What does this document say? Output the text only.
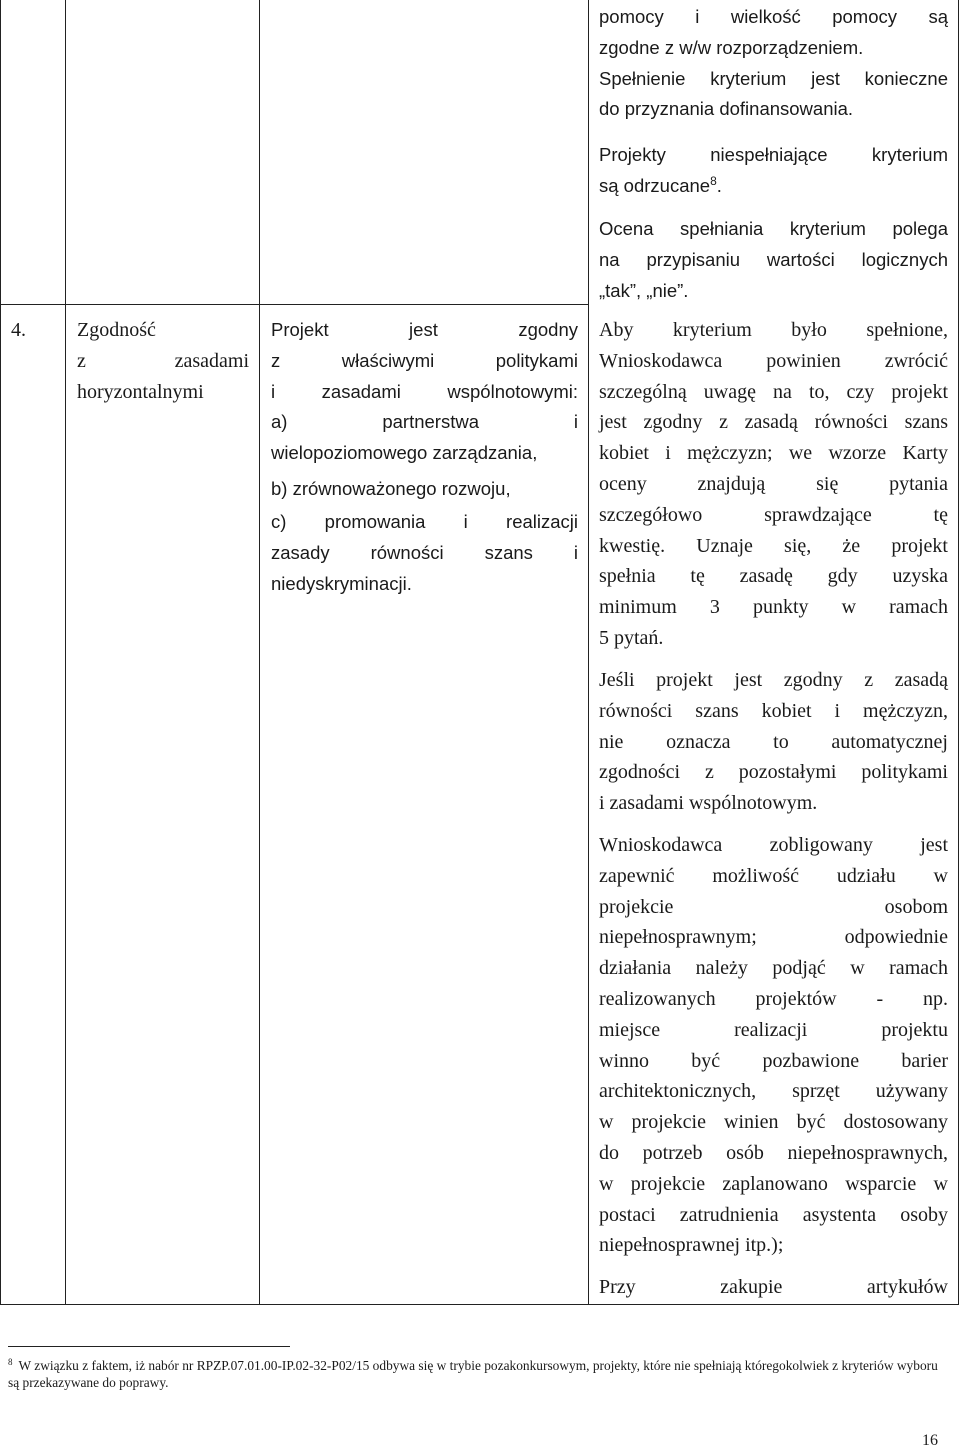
4.	Zgodność

z zasadami

horyzontalnymi

Projekt jest zgodny

z właściwymi politykami

i zasadami wspólnotowymi:

a) partnerstwa i

wielopoziomowego zarządzania,

b) zrównoważonego rozwoju,

c) promowania i realizacji

zasady równości szans i

niedyskryminacji.

pomocy i wielkość pomocy są

zgodne z w/w rozporządzeniem.

Spełnienie kryterium jest konieczne

do przyznania dofinansowania.

Projekty niespełniające kryterium

są odrzucane$^8$.

Ocena spełniania kryterium polega

na przypisaniu wartości logicznych

„tak”, „nie”.

Aby kryterium było spełnione,

Wnioskodawca powinien zwrócić

szczególną uwagę na to, czy projekt

jest zgodny z zasadą równości szans

kobiet i mężczyzn; we wzorze Karty

oceny znajdują się pytania

szczegółowo sprawdzające tę

kwestię. Uznaje się, że projekt

spełnia tę zasadę gdy uzyska

minimum 3 punkty w ramach

5 pytań.

Jeśli projekt jest zgodny z zasadą

równości szans kobiet i mężczyzn,

nie oznacza to automatycznej

zgodności z pozostałymi politykami

i zasadami wspólnotowym.

Wnioskodawca zobligowany jest

zapewnić możliwość udziału w

projekcie osobom

niepełnosprawnym; odpowiednie

działania należy podjąć w ramach

realizowanych projektów - np.

miejsce realizacji projektu

winno być pozbawione barier

architektonicznych, sprzęt używany

w projekcie winien być dostosowany

do potrzeb osób niepełnosprawnych,

w projekcie zaplanowano wsparcie w

postaci zatrudnienia asystenta osoby

niepełnosprawnej itp.);

Przy zakupie artykułów

$^8$ W związku z faktem, iż nabór nr RPZP.07.01.00-IP.02-32-P02/15 odbywa się w trybie pozakonkursowym, projekty, które nie spełniają któregokolwiek z kryteriów wyboru są przekazywane do poprawy.
16
